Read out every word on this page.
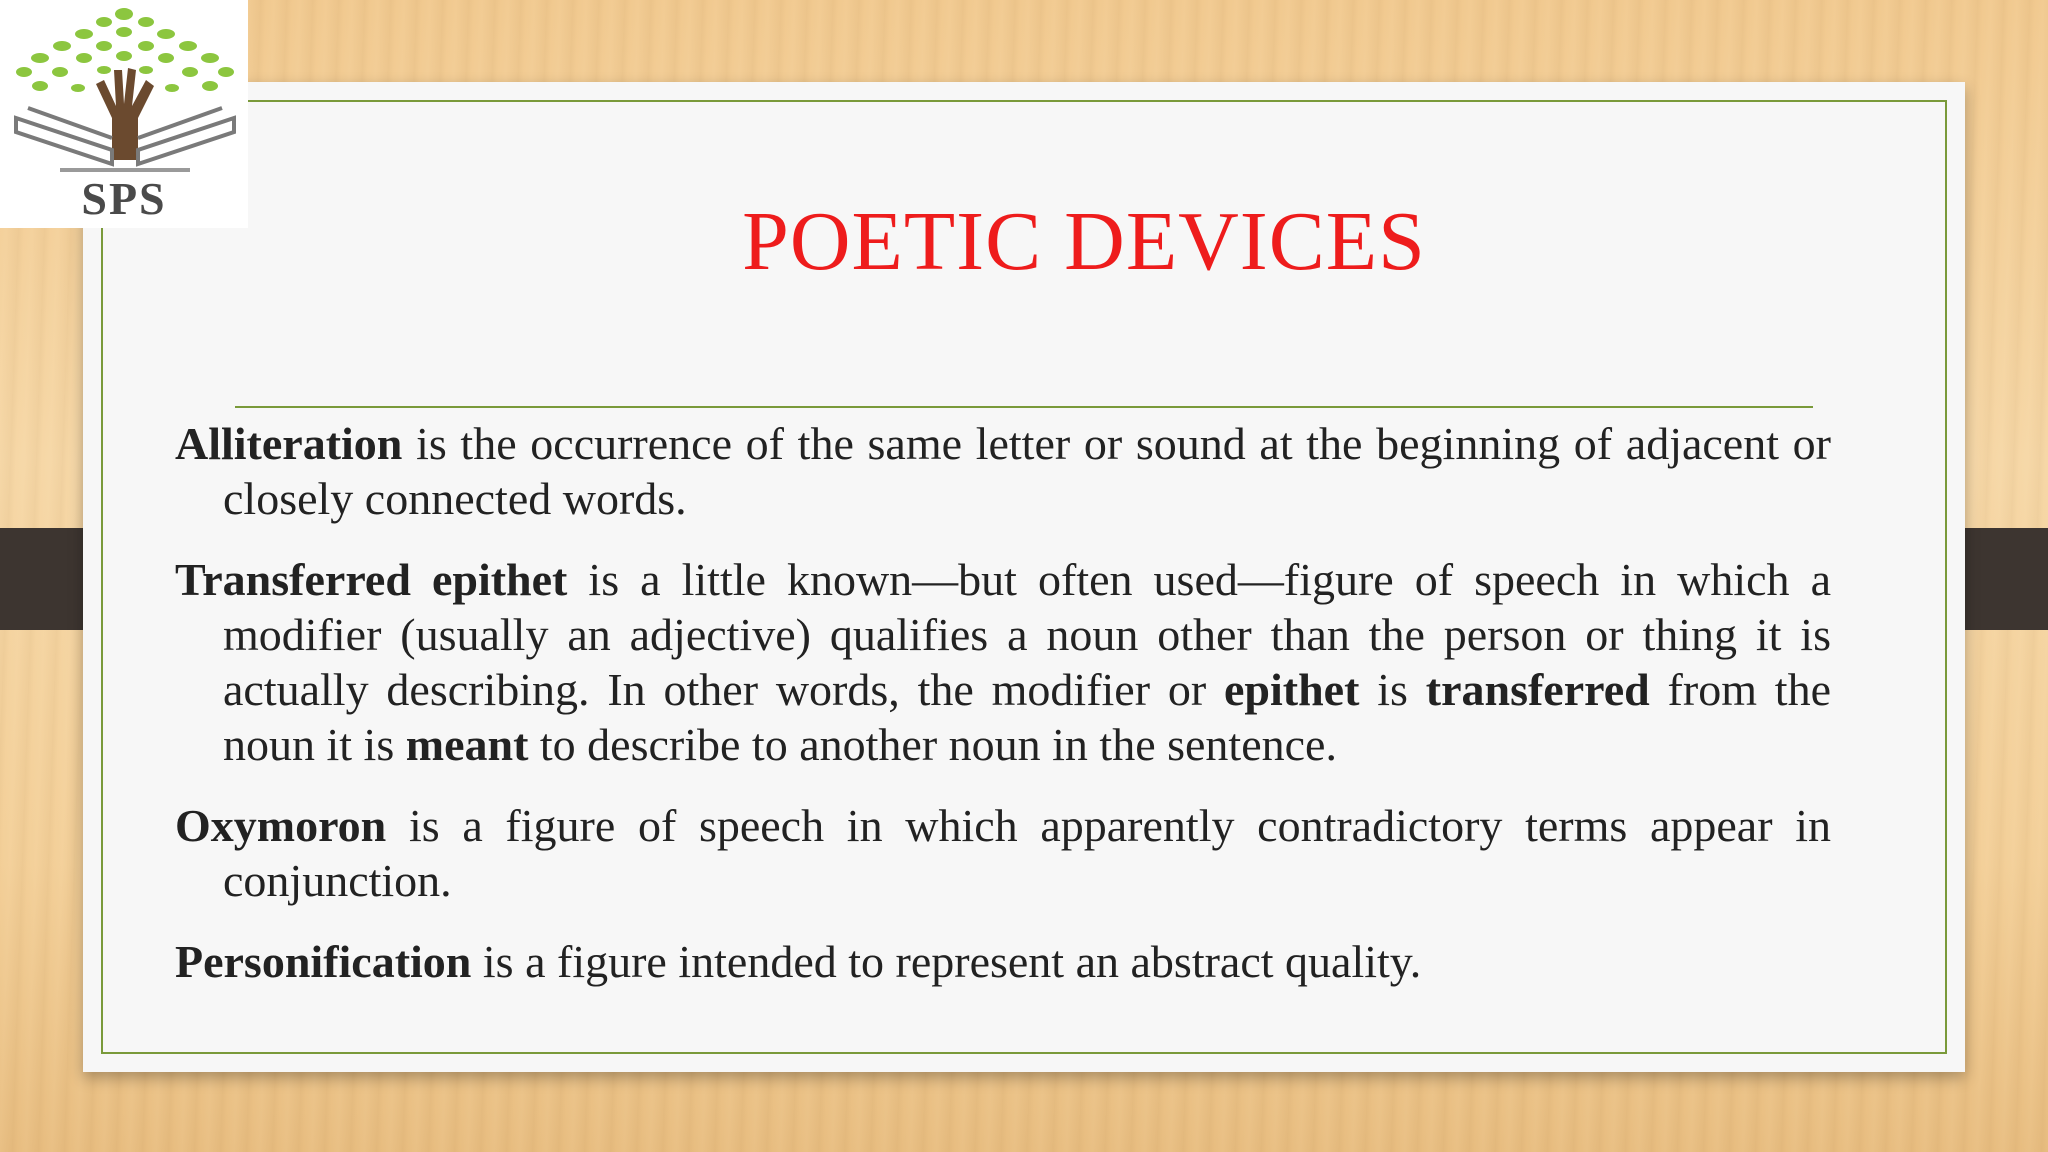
SPS	POETIC DEVICES

Alliteration is the occurrence of the same letter or sound at the beginning of adjacent or closely connected words.

Transferred epithet is a little known—but often used—figure of speech in which a modifier (usually an adjective) qualifies a noun other than the person or thing it is actually describing. In other words, the modifier or epithet is transferred from the noun it is meant to describe to another noun in the sentence.

Oxymoron is a figure of speech in which apparently contradictory terms appear in conjunction.

Personification is a figure intended to represent an abstract quality.
